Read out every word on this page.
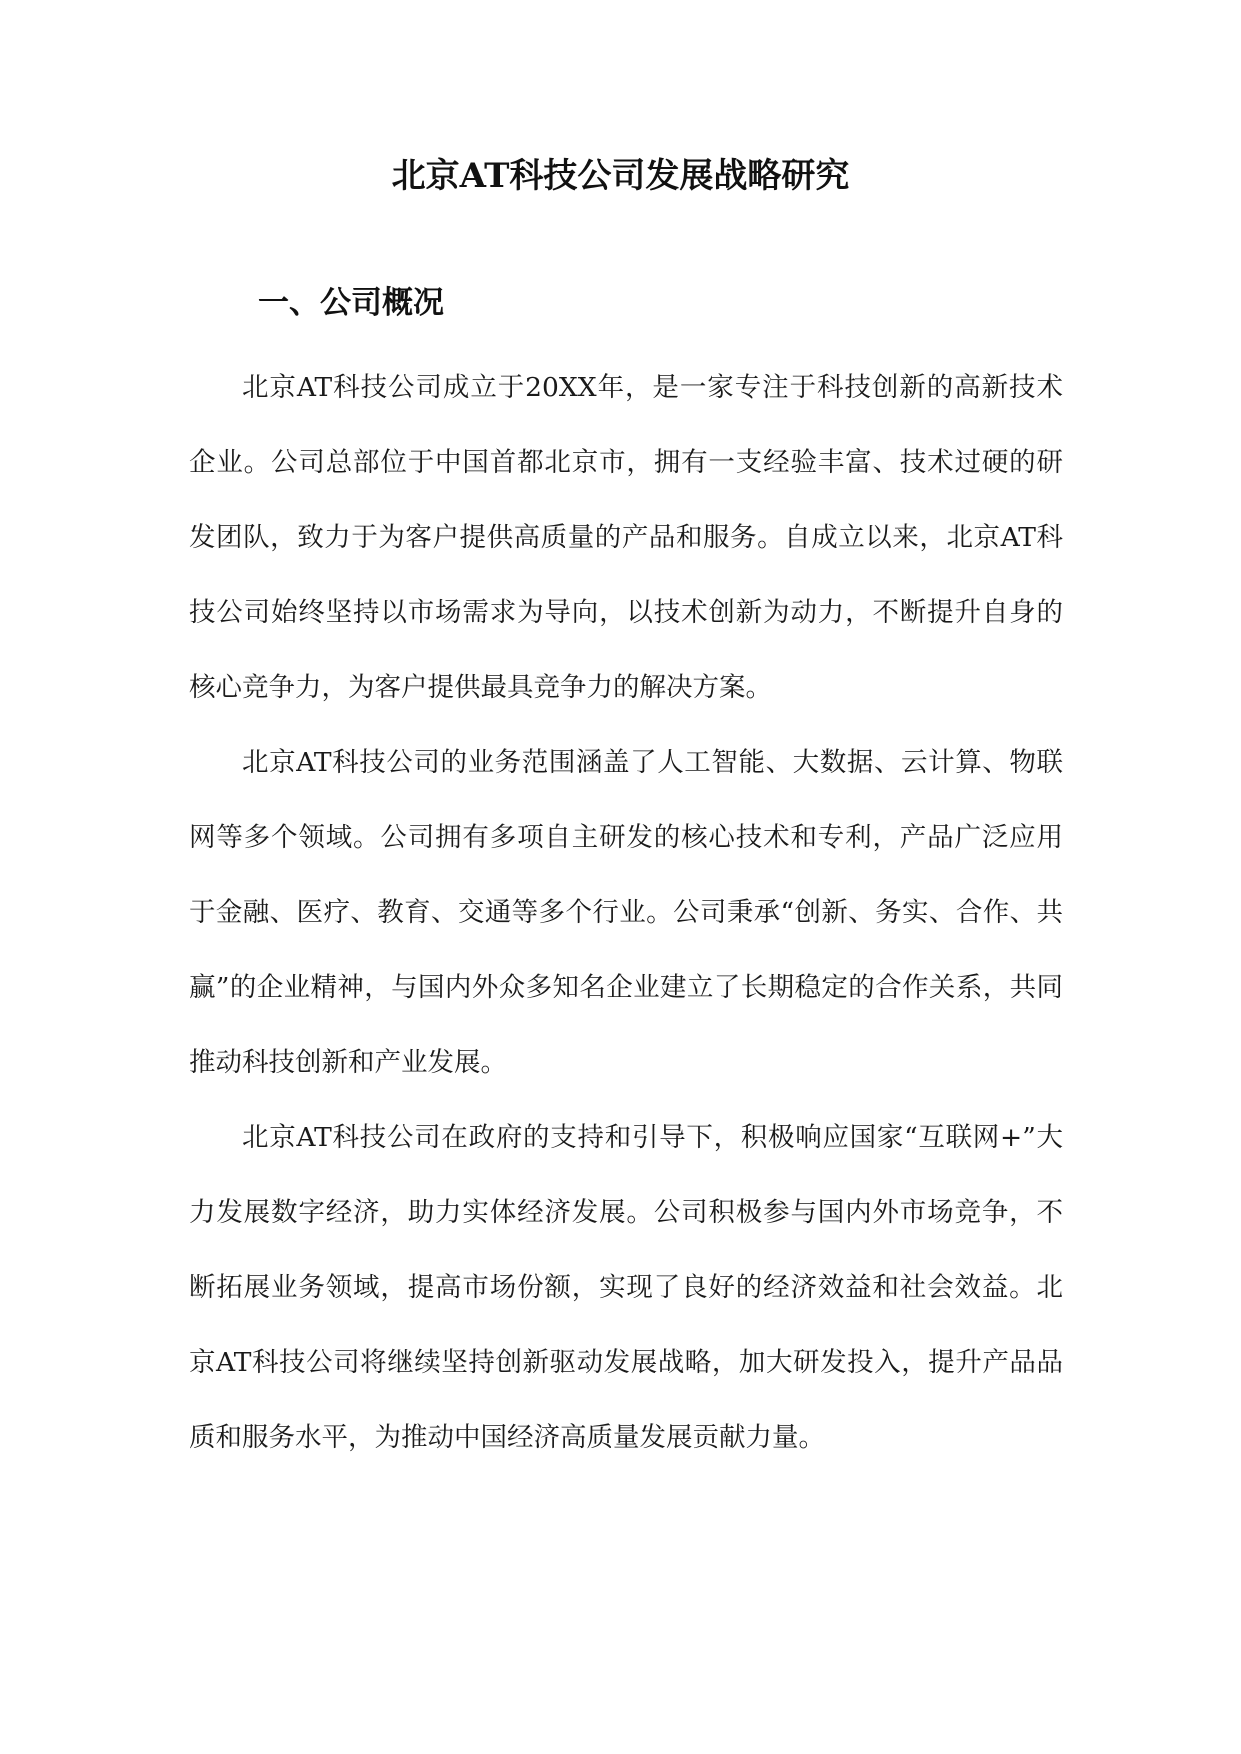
北京AT科技公司发展战略研究
一、公司概况

北京AT科技公司成立于20XX年，是一家专注于科技创新的高新技术企业。公司总部位于中国首都北京市，拥有一支经验丰富、技术过硬的研发团队，致力于为客户提供高质量的产品和服务。自成立以来，北京AT科技公司始终坚持以市场需求为导向，以技术创新为动力，不断提升自身的核心竞争力，为客户提供最具竞争力的解决方案。

北京AT科技公司的业务范围涵盖了人工智能、大数据、云计算、物联网等多个领域。公司拥有多项自主研发的核心技术和专利，产品广泛应用于金融、医疗、教育、交通等多个行业。公司秉承“创新、务实、合作、共赢”的企业精神，与国内外众多知名企业建立了长期稳定的合作关系，共同推动科技创新和产业发展。

北京AT科技公司在政府的支持和引导下，积极响应国家“互联网+”大力发展数字经济，助力实体经济发展。公司积极参与国内外市场竞争，不断拓展业务领域，提高市场份额，实现了良好的经济效益和社会效益。北京AT科技公司将继续坚持创新驱动发展战略，加大研发投入，提升产品品质和服务水平，为推动中国经济高质量发展贡献力量。
